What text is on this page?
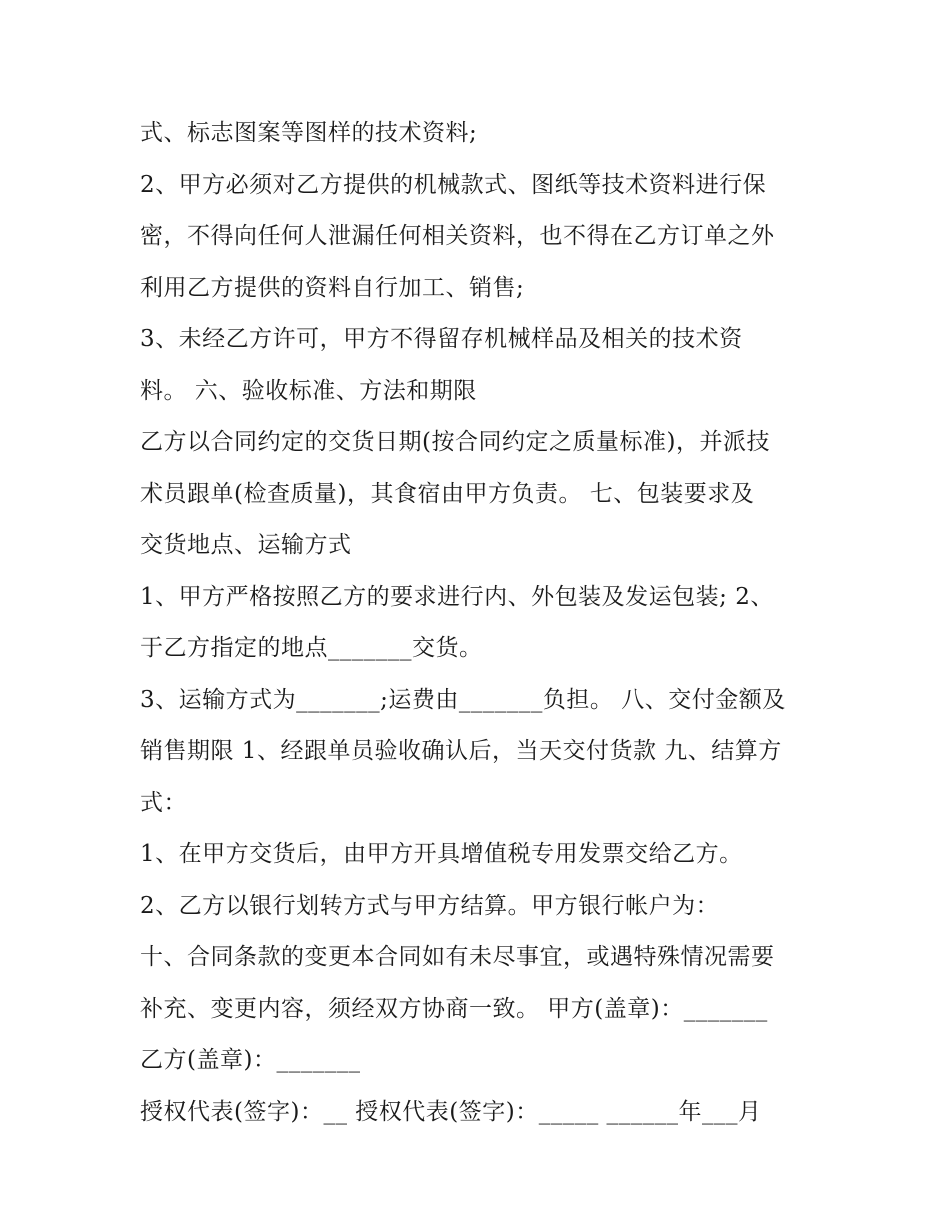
式、标志图案等图样的技术资料;
2、甲方必须对乙方提供的机械款式、图纸等技术资料进行保
密，不得向任何人泄漏任何相关资料，也不得在乙方订单之外
利用乙方提供的资料自行加工、销售;
3、未经乙方许可，甲方不得留存机械样品及相关的技术资
料。 六、验收标准、方法和期限
乙方以合同约定的交货日期(按合同约定之质量标准)，并派技
术员跟单(检查质量)，其食宿由甲方负责。 七、包装要求及
交货地点、运输方式
1、甲方严格按照乙方的要求进行内、外包装及发运包装; 2、
于乙方指定的地点_______交货。
3、运输方式为_______;运费由_______负担。 八、交付金额及
销售期限 1、经跟单员验收确认后，当天交付货款 九、结算方
式：
1、在甲方交货后，由甲方开具增值税专用发票交给乙方。
2、乙方以银行划转方式与甲方结算。甲方银行帐户为：
十、合同条款的变更本合同如有未尽事宜，或遇特殊情况需要
补充、变更内容，须经双方协商一致。 甲方(盖章)：_______
乙方(盖章)：_______
授权代表(签字)：__ 授权代表(签字)：_____ ______年___月
